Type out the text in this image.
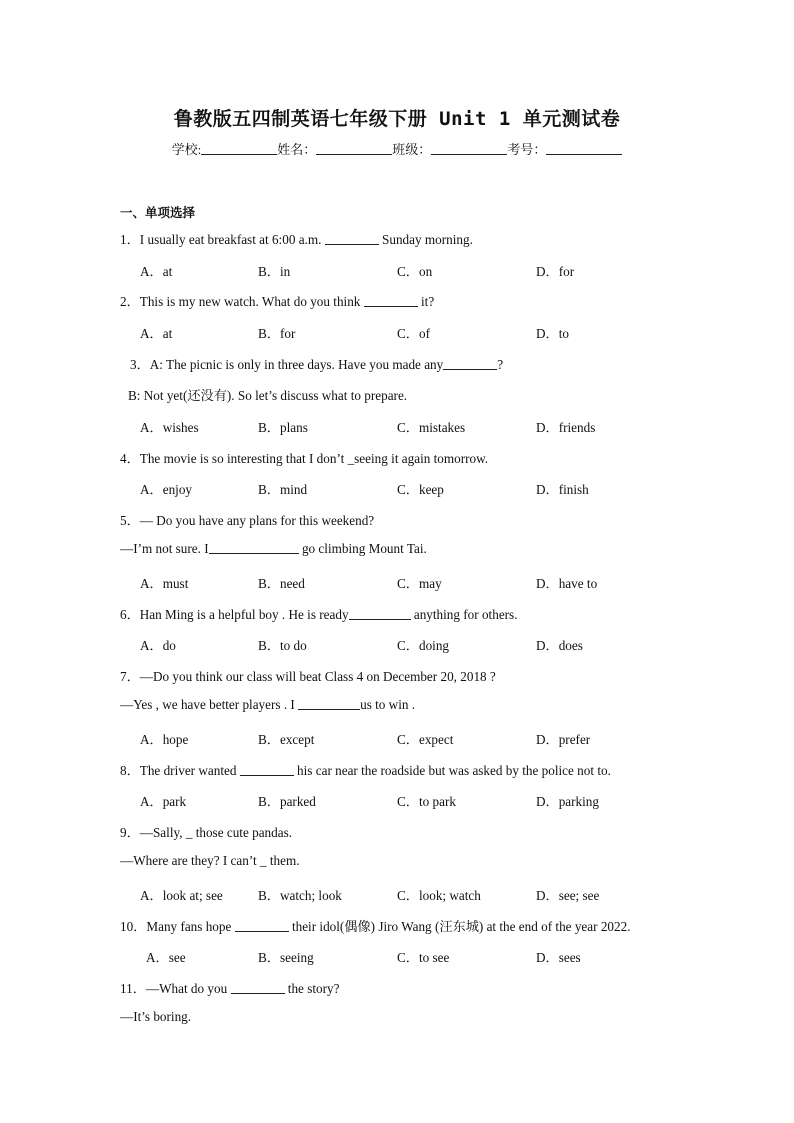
鲁教版五四制英语七年级下册 Unit 1 单元测试卷
学校:	姓名：	班级：	考号：
一、单项选择
1．I usually eat breakfast at 6:00 a.m.	Sunday morning.
A．at	B．in	C．on	D．for
2．This is my new watch. What do you think	it?
A．at	B．for	C．of	D．to
3．A: The picnic is only in three days. Have you made any	?
B: Not yet(还没有). So let’s discuss what to prepare.
A．wishes	B．plans	C．mistakes	D．friends
4．The movie is so interesting that I don’t _seeing it again tomorrow.
A．enjoy	B．mind	C．keep	D．finish
5．— Do you have any plans for this weekend?
—I’m not sure. I	go climbing Mount Tai.
A．must	B．need	C．may	D．have to
6．Han Ming is a helpful boy . He is ready	anything for others.
A．do	B．to do	C．doing	D．does
7．—Do you think our class will beat Class 4 on December 20, 2018 ?
—Yes , we have better players . I	us to win .
A．hope	B．except	C．expect	D．prefer
8．The driver wanted	his car near the roadside but was asked by the police not to.
A．park	B．parked	C．to park	D．parking
9．—Sally, _ those cute pandas.
—Where are they? I can’t _ them.
A．look at; see	B．watch; look	C．look; watch	D．see; see
10．Many fans hope	their idol(偶像) Jiro Wang (汪东城) at the end of the year 2022.
A．see	B．seeing	C．to see	D．sees
11．—What do you	the story?
—It’s boring.
